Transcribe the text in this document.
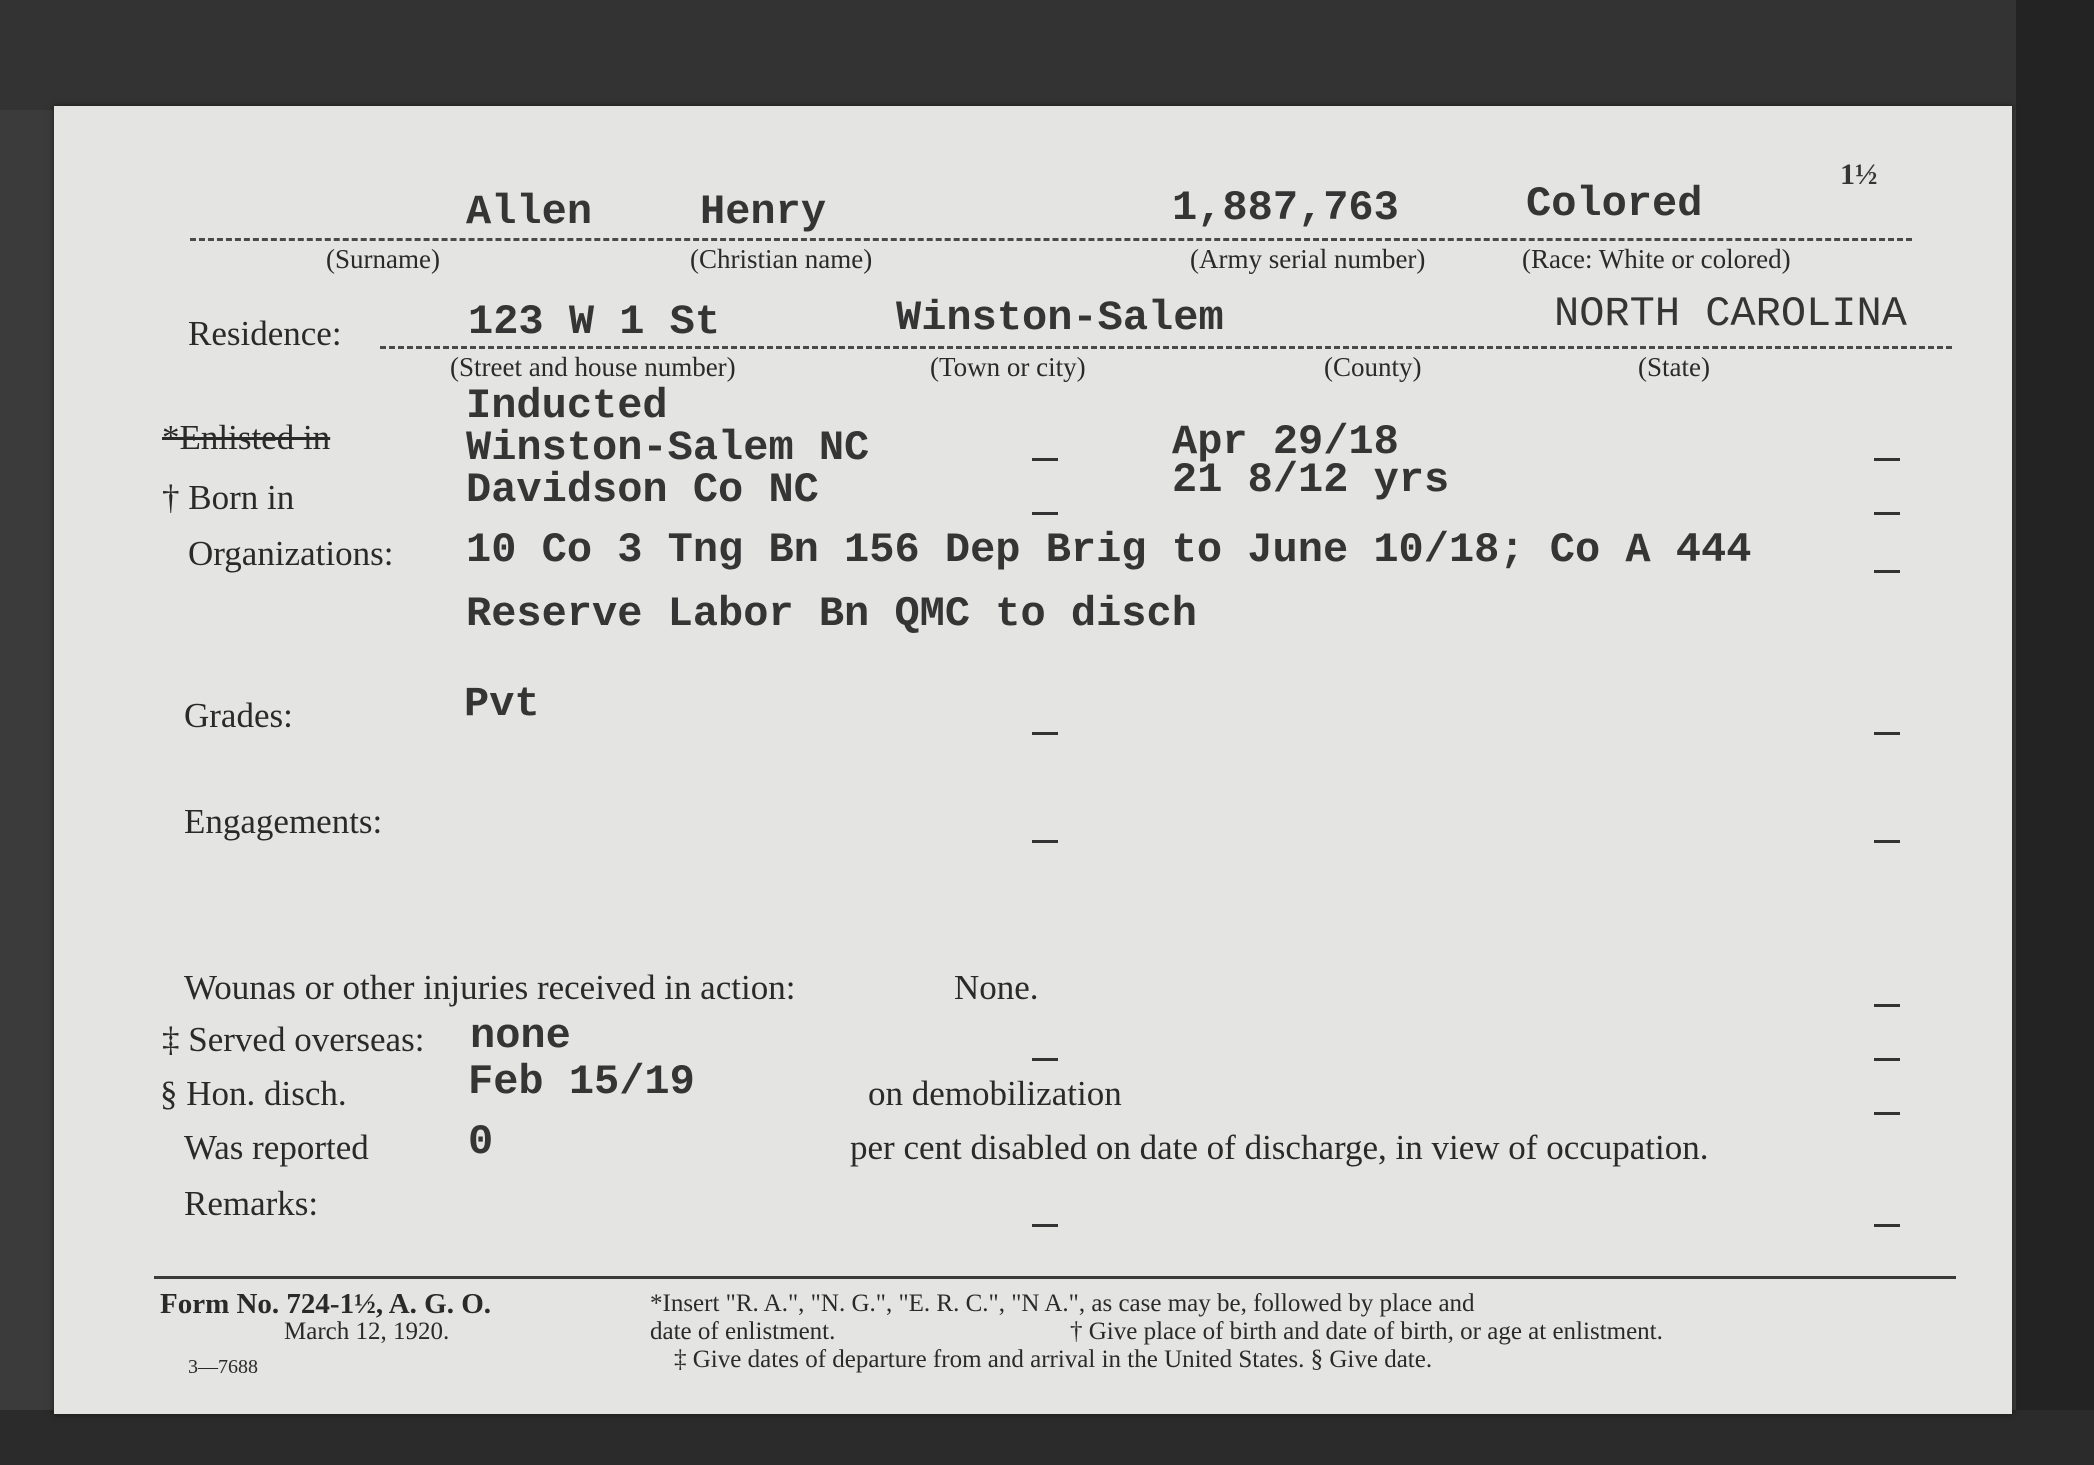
1½
Allen	Henry	1,887,763	Colored
(Surname)	(Christian name)	(Army serial number)	(Race: White or colored)
Residence:	123 W 1 St	Winston-Salem	NORTH CAROLINA
(Street and house number)	(Town or city)	(County)	(State)
Inducted
*Enlisted in	Winston-Salem NC	Apr 29/18
† Born in	Davidson Co NC	21 8/12 yrs
Organizations: 10 Co 3 Tng Bn 156 Dep Brig to June 10/18; Co A 444
Reserve Labor Bn QMC to disch
Grades:	Pvt
Engagements:
Wounas or other injuries received in action:	None.
‡ Served overseas: none
§ Hon. disch.	Feb 15/19	on demobilization
Was reported 0	per cent disabled on date of discharge, in view of occupation.
Remarks:
Form No. 724-1½, A. G. O.
March 12, 1920.
3—7688
*Insert "R. A.", "N. G.", "E. R. C.", "N A.", as case may be, followed by place and
date of enlistment.	† Give place of birth and date of birth, or age at enlistment.
‡ Give dates of departure from and arrival in the United States. § Give date.
